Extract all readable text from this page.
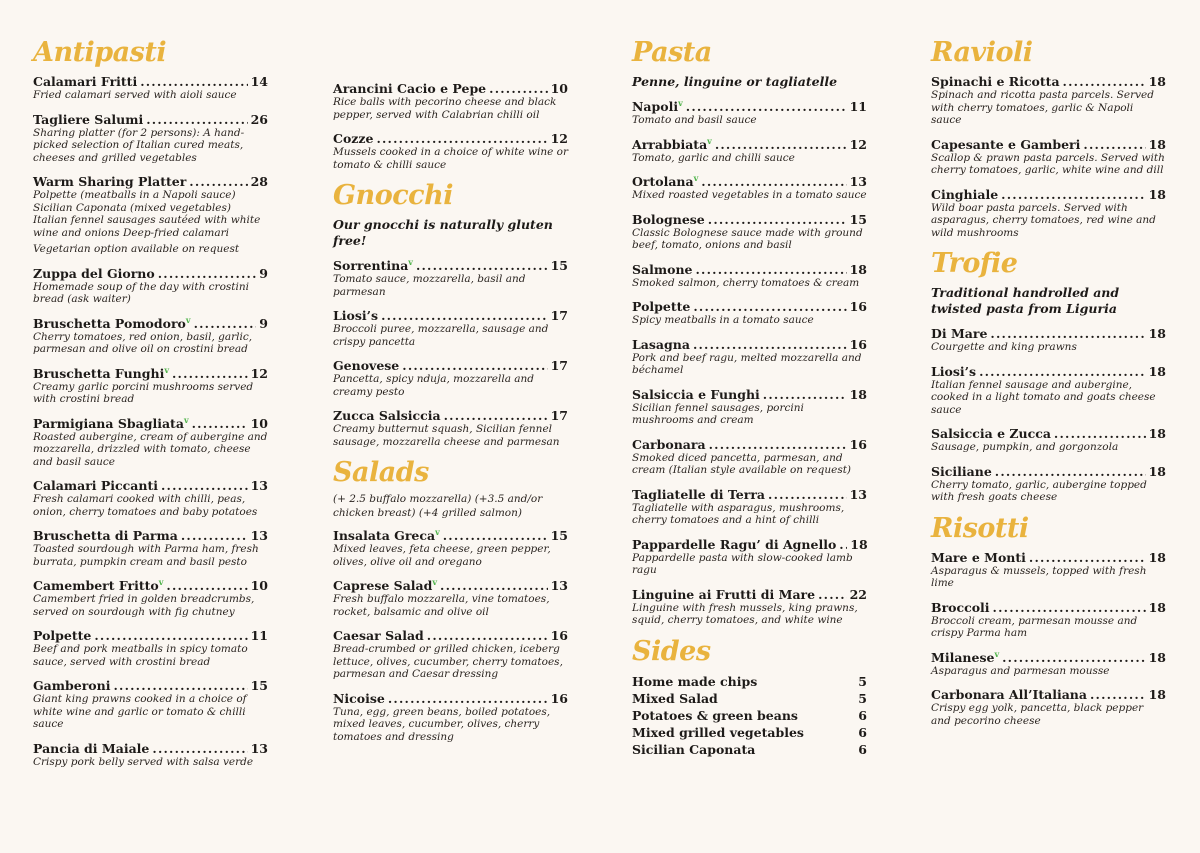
Antipasti
Calamari Fritti .....	14
Fried calamari served with aioli sauce
Tagliere Salumi .....	26
Sharing platter (for 2 persons): A hand-picked selection of Italian cured meats, cheeses and grilled vegetables
Warm Sharing Platter .....	28
Polpette (meatballs in a Napoli sauce) Sicilian Caponata (mixed vegetables) Italian fennel sausages sautéed with white wine and onions Deep-fried calamari
Vegetarian option available on request
Zuppa del Giorno .....	9
Homemade soup of the day with crostini bread (ask waiter)
Bruschetta Pomodoro$^v$ .....	9
Cherry tomatoes, red onion, basil, garlic, parmesan and olive oil on crostini bread
Bruschetta Funghi$^v$ .....	12
Creamy garlic porcini mushrooms served with crostini bread
Parmigiana Sbagliata$^v$ .....	10
Roasted aubergine, cream of aubergine and mozzarella, drizzled with tomato, cheese and basil sauce
Calamari Piccanti .....	13
Fresh calamari cooked with chilli, peas, onion, cherry tomatoes and baby potatoes
Bruschetta di Parma .....	13
Toasted sourdough with Parma ham, fresh burrata, pumpkin cream and basil pesto
Camembert Fritto$^v$ .....	10
Camembert fried in golden breadcrumbs, served on sourdough with fig chutney
Polpette .....	11
Beef and pork meatballs in spicy tomato sauce, served with crostini bread
Gamberoni .....	15
Giant king prawns cooked in a choice of white wine and garlic or tomato & chilli sauce
Pancia di Maiale .....	13
Crispy pork belly served with salsa verde
Arancini Cacio e Pepe .....	10
Rice balls with pecorino cheese and black pepper, served with Calabrian chilli oil
Cozze .....	12
Mussels cooked in a choice of white wine or tomato & chilli sauce
Gnocchi
Our gnocchi is naturally gluten free!
Sorrentina$^v$ .....	15
Tomato sauce, mozzarella, basil and parmesan
Liosi’s .....	17
Broccoli puree, mozzarella, sausage and crispy pancetta
Genovese .....	17
Pancetta, spicy nduja, mozzarella and creamy pesto
Zucca Salsiccia .....	17
Creamy butternut squash, Sicilian fennel sausage, mozzarella cheese and parmesan
Salads
(+ 2.5 buffalo mozzarella) (+3.5 and/or chicken breast) (+4 grilled salmon)
Insalata Greca$^v$ .....	15
Mixed leaves, feta cheese, green pepper, olives, olive oil and oregano
Caprese Salad$^v$ .....	13
Fresh buffalo mozzarella, vine tomatoes, rocket, balsamic and olive oil
Caesar Salad .....	16
Bread-crumbed or grilled chicken, iceberg lettuce, olives, cucumber, cherry tomatoes, parmesan and Caesar dressing
Nicoise .....	16
Tuna, egg, green beans, boiled potatoes, mixed leaves, cucumber, olives, cherry tomatoes and dressing
Pasta
Penne, linguine or tagliatelle
Napoli$^v$ .....	11
Tomato and basil sauce
Arrabbiata$^v$ .....	12
Tomato, garlic and chilli sauce
Ortolana$^v$ .....	13
Mixed roasted vegetables in a tomato sauce
Bolognese .....	15
Classic Bolognese sauce made with ground beef, tomato, onions and basil
Salmone .....	18
Smoked salmon, cherry tomatoes & cream
Polpette .....	16
Spicy meatballs in a tomato sauce
Lasagna .....	16
Pork and beef ragu, melted mozzarella and béchamel
Salsiccia e Funghi .....	18
Sicilian fennel sausages, porcini mushrooms and cream
Carbonara .....	16
Smoked diced pancetta, parmesan, and cream (Italian style available on request)
Tagliatelle di Terra .....	13
Tagliatelle with asparagus, mushrooms, cherry tomatoes and a hint of chilli
Pappardelle Ragu’ di Agnello ..... 18
Pappardelle pasta with slow-cooked lamb ragu
Linguine ai Frutti di Mare .....	22
Linguine with fresh mussels, king prawns, squid, cherry tomatoes, and white wine
Sides
Home made chips	5
Mixed Salad	5
Potatoes & green beans	6
Mixed grilled vegetables	6
Sicilian Caponata	6
Ravioli
Spinachi e Ricotta .....	18
Spinach and ricotta pasta parcels. Served with cherry tomatoes, garlic & Napoli sauce
Capesante e Gamberi .....	18
Scallop & prawn pasta parcels. Served with cherry tomatoes, garlic, white wine and dill
Cinghiale .....	18
Wild boar pasta parcels. Served with asparagus, cherry tomatoes, red wine and wild mushrooms
Trofie
Traditional handrolled and twisted pasta from Liguria
Di Mare .....	18
Courgette and king prawns
Liosi’s .....	18
Italian fennel sausage and aubergine, cooked in a light tomato and goats cheese sauce
Salsiccia e Zucca .....	18
Sausage, pumpkin, and gorgonzola
Siciliane .....	18
Cherry tomato, garlic, aubergine topped with fresh goats cheese
Risotti
Mare e Monti .....	18
Asparagus & mussels, topped with fresh lime
Broccoli .....	18
Broccoli cream, parmesan mousse and crispy Parma ham
Milanese$^v$ .....	18
Asparagus and parmesan mousse
Carbonara All’Italiana .....	18
Crispy egg yolk, pancetta, black pepper and pecorino cheese
